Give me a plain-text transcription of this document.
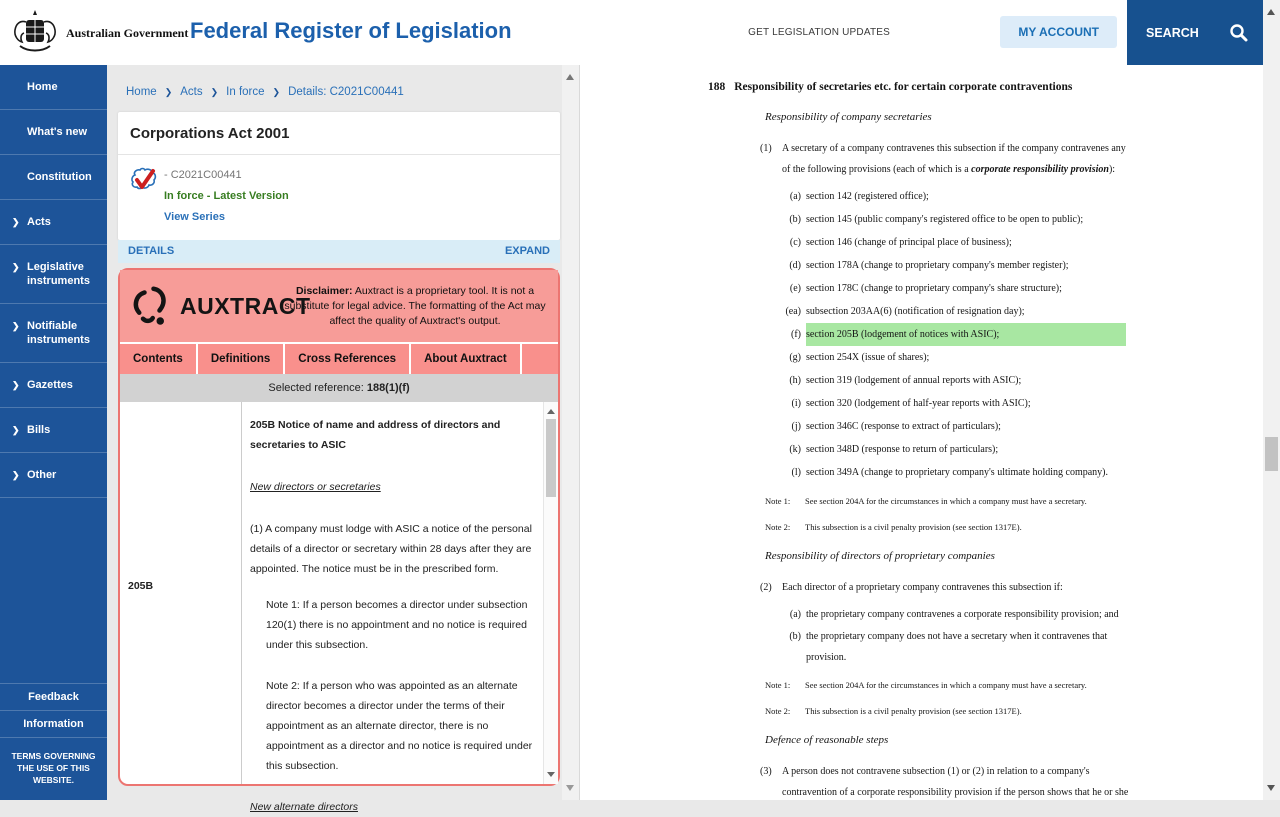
Australian Government Federal Register of Legislation	GET LEGISLATION UPDATES	MY ACCOUNT	SEARCH
Home
What's new
Constitution
❯ Acts
❯ Legislative instruments
❯ Notifiable instruments
❯ Gazettes
❯ Bills
❯ Other
Feedback
Information
TERMS GOVERNING THE USE OF THIS WEBSITE.
Home ❯ Acts ❯ In force ❯ Details: C2021C00441
Corporations Act 2001
- C2021C00441
In force - Latest Version
View Series
DETAILS	EXPAND
AUXTRACT
Disclaimer: Auxtract is a proprietary tool. It is not a substitute for legal advice. The formatting of the Act may affect the quality of Auxtract's output.
Contents	Definitions	Cross References	About Auxtract
Selected reference: 188(1)(f)
205B
205B Notice of name and address of directors and secretaries to ASIC
New directors or secretaries
(1) A company must lodge with ASIC a notice of the personal details of a director or secretary within 28 days after they are appointed. The notice must be in the prescribed form.
Note 1: If a person becomes a director under subsection 120(1) there is no appointment and no notice is required under this subsection.
Note 2: If a person who was appointed as an alternate director becomes a director under the terms of their appointment as an alternate director, there is no appointment as a director and no notice is required under this subsection.
New alternate directors
188 Responsibility of secretaries etc. for certain corporate contraventions
Responsibility of company secretaries
(1)	A secretary of a company contravenes this subsection if the company contravenes any of the following provisions (each of which is a corporate responsibility provision):
(a) section 142 (registered office);
(b) section 145 (public company's registered office to be open to public);
(c) section 146 (change of principal place of business);
(d) section 178A (change to proprietary company's member register);
(e) section 178C (change to proprietary company's share structure);
(ea) subsection 203AA(6) (notification of resignation day);
(f) section 205B (lodgement of notices with ASIC);
(g) section 254X (issue of shares);
(h) section 319 (lodgement of annual reports with ASIC);
(i) section 320 (lodgement of half-year reports with ASIC);
(j) section 346C (response to extract of particulars);
(k) section 348D (response to return of particulars);
(l) section 349A (change to proprietary company's ultimate holding company).
Note 1:	See section 204A for the circumstances in which a company must have a secretary.
Note 2:	This subsection is a civil penalty provision (see section 1317E).
Responsibility of directors of proprietary companies
(2)	Each director of a proprietary company contravenes this subsection if:
(a) the proprietary company contravenes a corporate responsibility provision; and
(b) the proprietary company does not have a secretary when it contravenes that provision.
Note 1:	See section 204A for the circumstances in which a company must have a secretary.
Note 2:	This subsection is a civil penalty provision (see section 1317E).
Defence of reasonable steps
(3)	A person does not contravene subsection (1) or (2) in relation to a company's contravention of a corporate responsibility provision if the person shows that he or she
